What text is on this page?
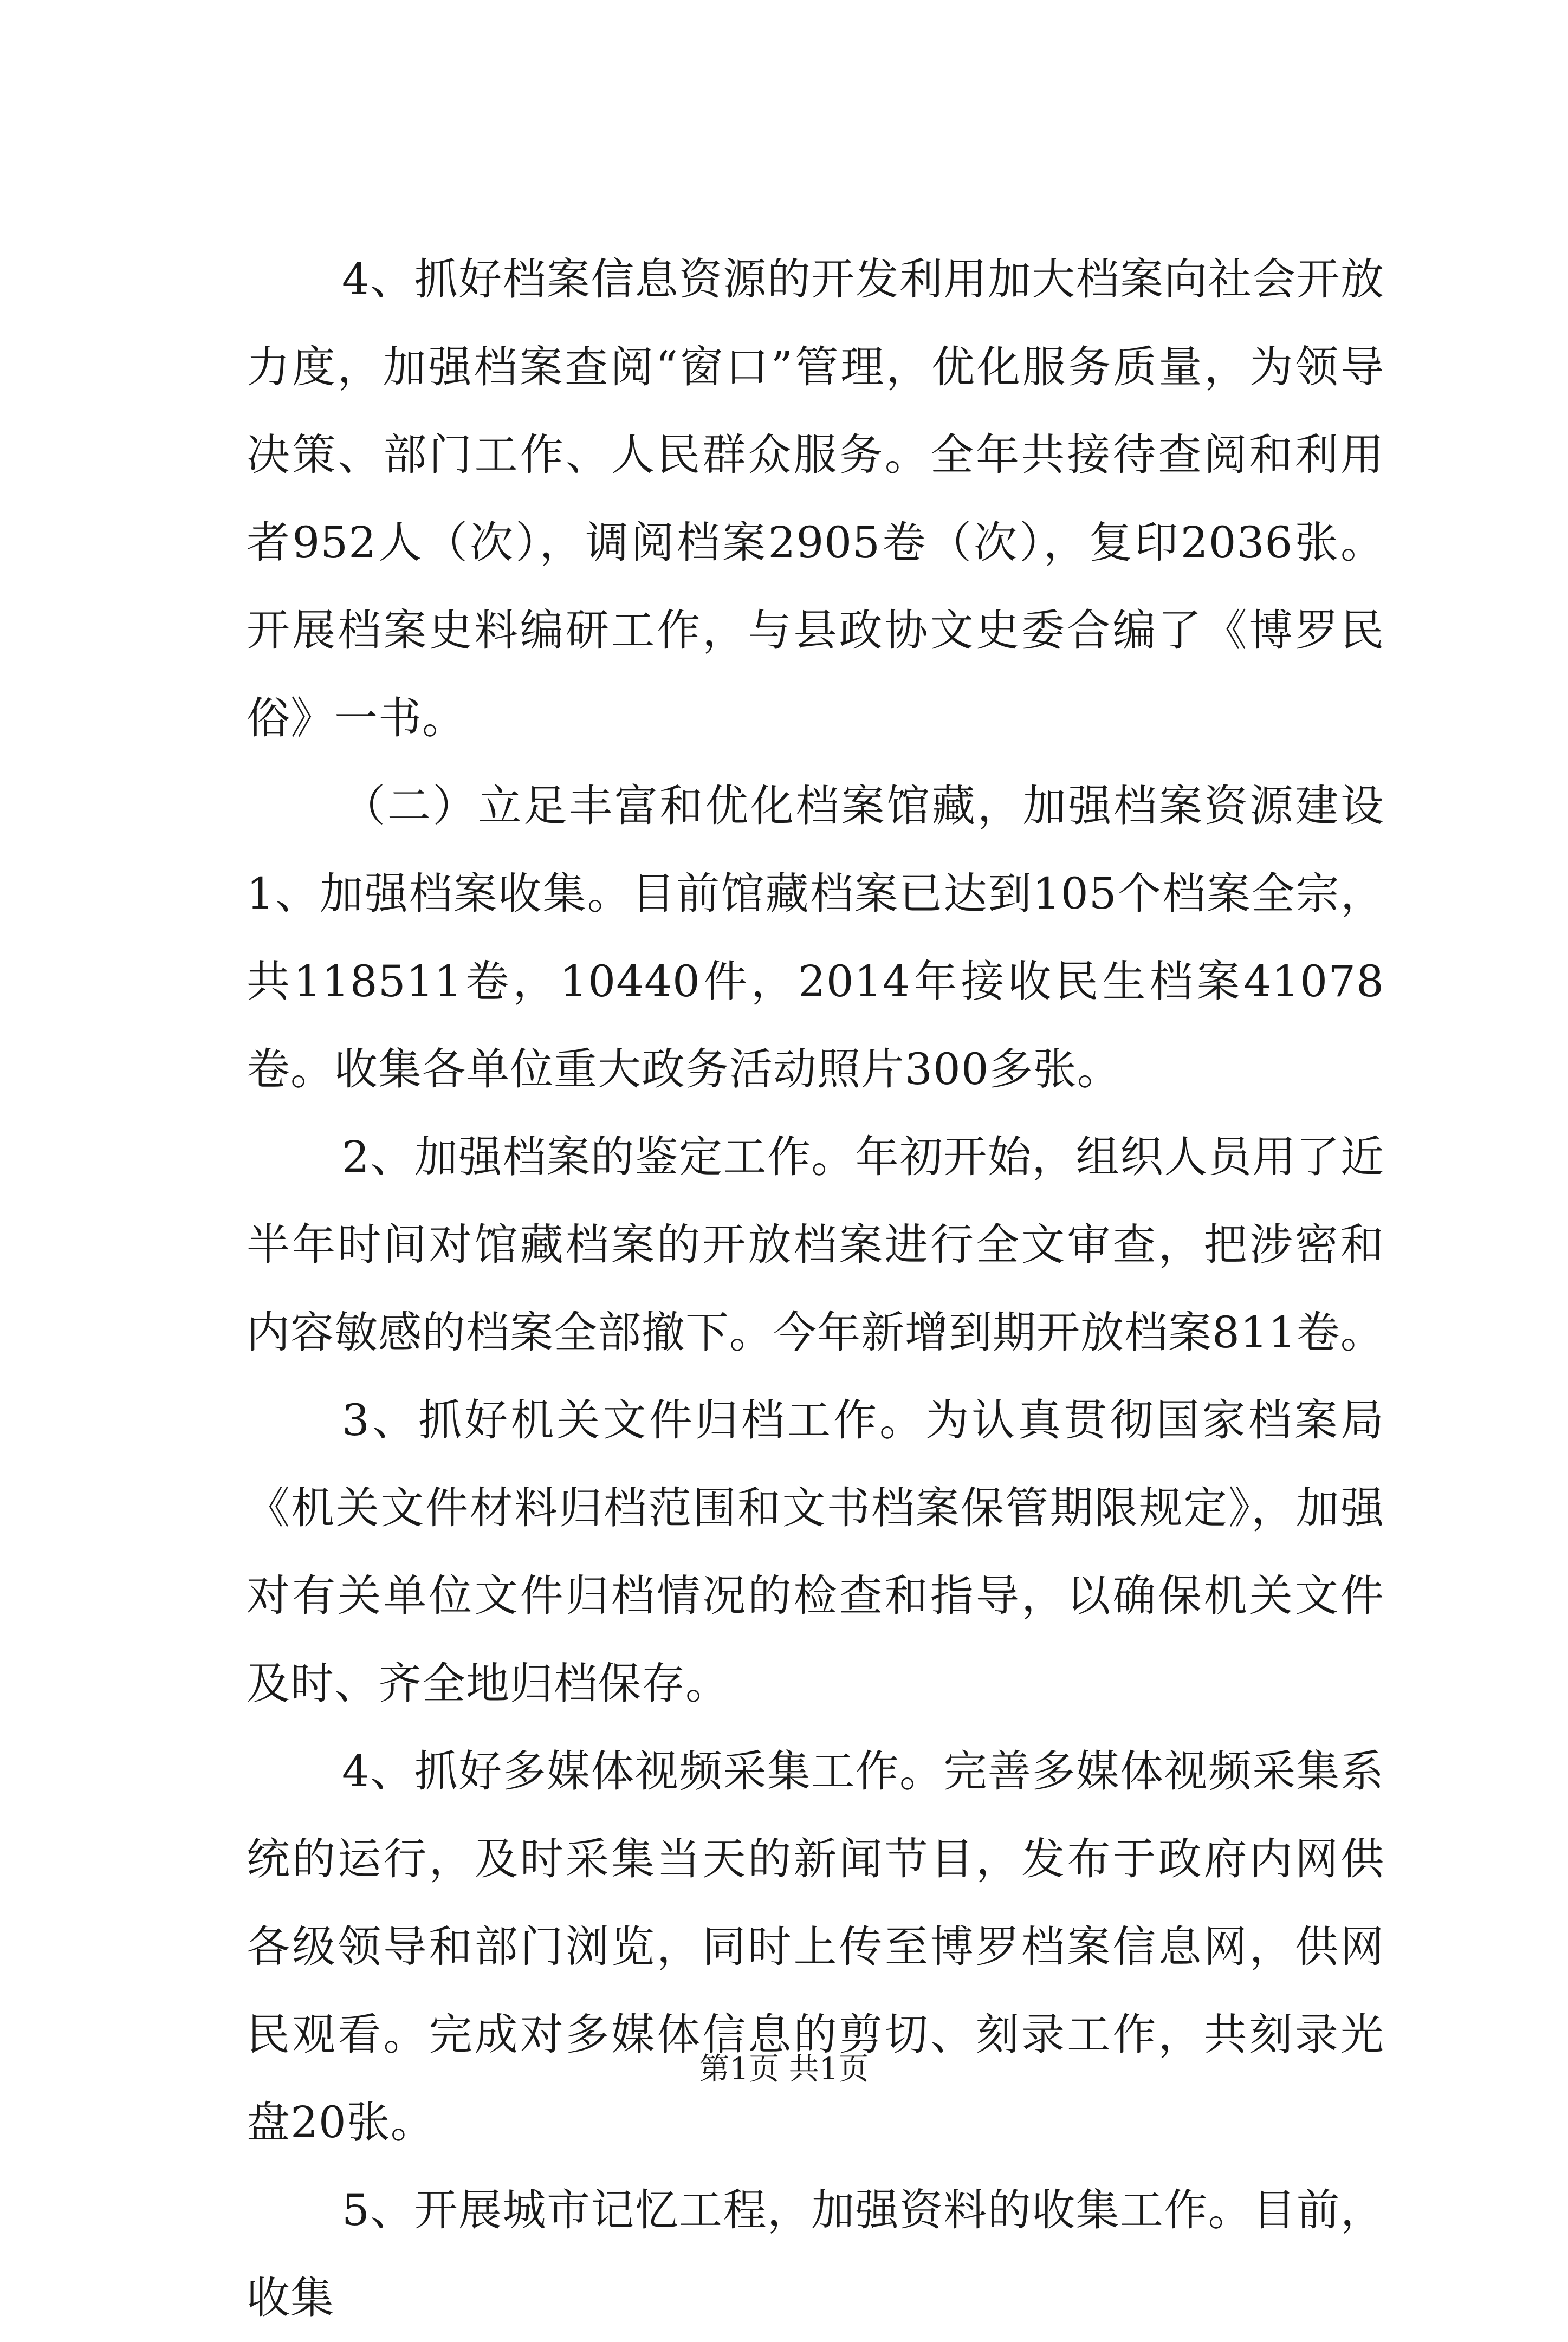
4、抓好档案信息资源的开发利用加大档案向社会开放力度，加强档案查阅“窗口”管理，优化服务质量，为领导决策、部门工作、人民群众服务。全年共接待查阅和利用者952人（次），调阅档案2905卷（次），复印2036张。开展档案史料编研工作，与县政协文史委合编了《博罗民俗》一书。

（二）立足丰富和优化档案馆藏，加强档案资源建设1、加强档案收集。目前馆藏档案已达到105个档案全宗，共118511卷，10440件，2014年接收民生档案41078卷。收集各单位重大政务活动照片300多张。

2、加强档案的鉴定工作。年初开始，组织人员用了近半年时间对馆藏档案的开放档案进行全文审查，把涉密和内容敏感的档案全部撤下。今年新增到期开放档案811卷。

3、抓好机关文件归档工作。为认真贯彻国家档案局《机关文件材料归档范围和文书档案保管期限规定》，加强对有关单位文件归档情况的检查和指导，以确保机关文件及时、齐全地归档保存。

4、抓好多媒体视频采集工作。完善多媒体视频采集系统的运行，及时采集当天的新闻节目，发布于政府内网供各级领导和部门浏览，同时上传至博罗档案信息网，供网民观看。完成对多媒体信息的剪切、刻录工作，共刻录光盘20张。

5、开展城市记忆工程，加强资料的收集工作。目前，收集

第1页 共1页
